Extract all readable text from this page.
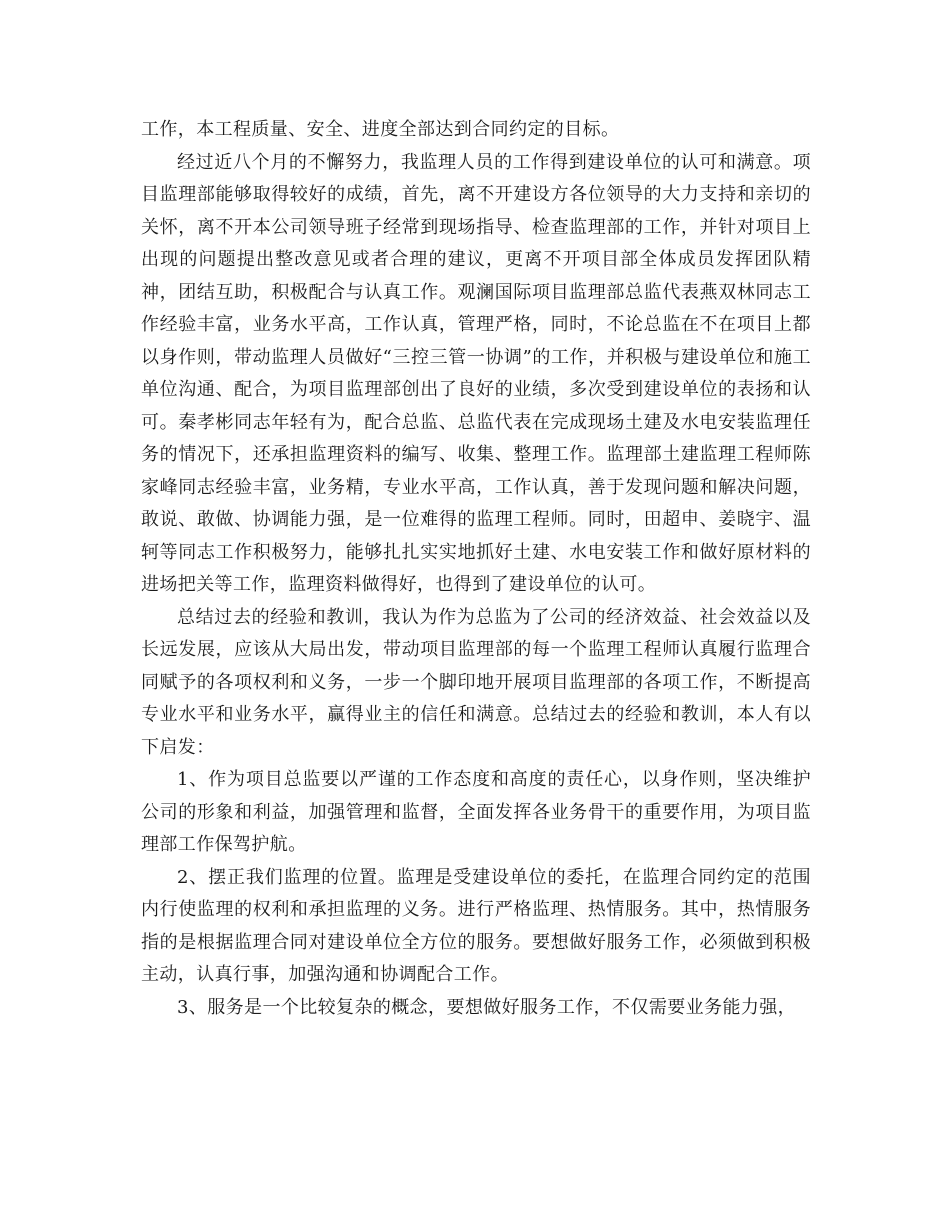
工作，本工程质量、安全、进度全部达到合同约定的目标。

经过近八个月的不懈努力，我监理人员的工作得到建设单位的认可和满意。项目监理部能够取得较好的成绩，首先，离不开建设方各位领导的大力支持和亲切的关怀，离不开本公司领导班子经常到现场指导、检查监理部的工作，并针对项目上出现的问题提出整改意见或者合理的建议，更离不开项目部全体成员发挥团队精神，团结互助，积极配合与认真工作。观澜国际项目监理部总监代表燕双林同志工作经验丰富，业务水平高，工作认真，管理严格，同时，不论总监在不在项目上都以身作则，带动监理人员做好“三控三管一协调”的工作，并积极与建设单位和施工单位沟通、配合，为项目监理部创出了良好的业绩，多次受到建设单位的表扬和认可。秦孝彬同志年轻有为，配合总监、总监代表在完成现场土建及水电安装监理任务的情况下，还承担监理资料的编写、收集、整理工作。监理部土建监理工程师陈家峰同志经验丰富，业务精，专业水平高，工作认真，善于发现问题和解决问题，敢说、敢做、协调能力强，是一位难得的监理工程师。同时，田超申、姜晓宇、温轲等同志工作积极努力，能够扎扎实实地抓好土建、水电安装工作和做好原材料的进场把关等工作，监理资料做得好，也得到了建设单位的认可。

总结过去的经验和教训，我认为作为总监为了公司的经济效益、社会效益以及长远发展，应该从大局出发，带动项目监理部的每一个监理工程师认真履行监理合同赋予的各项权利和义务，一步一个脚印地开展项目监理部的各项工作，不断提高专业水平和业务水平，赢得业主的信任和满意。总结过去的经验和教训，本人有以下启发：

1、作为项目总监要以严谨的工作态度和高度的责任心，以身作则，坚决维护公司的形象和利益，加强管理和监督，全面发挥各业务骨干的重要作用，为项目监理部工作保驾护航。

2、摆正我们监理的位置。监理是受建设单位的委托，在监理合同约定的范围内行使监理的权利和承担监理的义务。进行严格监理、热情服务。其中，热情服务指的是根据监理合同对建设单位全方位的服务。要想做好服务工作，必须做到积极主动，认真行事，加强沟通和协调配合工作。

3、服务是一个比较复杂的概念，要想做好服务工作，不仅需要业务能力强，
